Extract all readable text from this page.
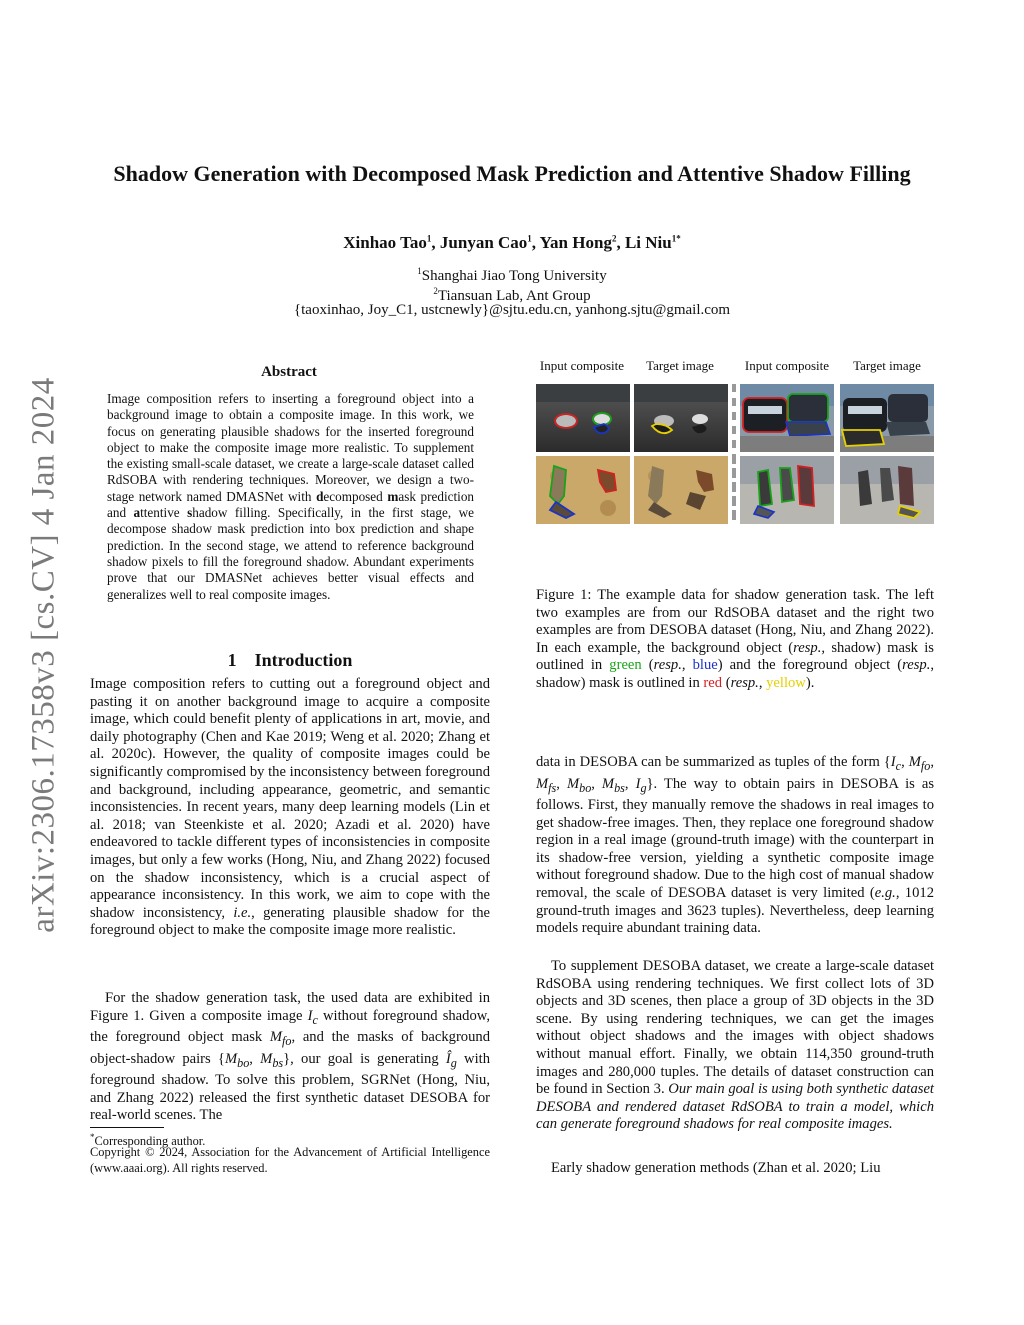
arXiv:2306.17358v3 [cs.CV] 4 Jan 2024
Shadow Generation with Decomposed Mask Prediction and Attentive Shadow Filling
Xinhao Tao$^1$, Junyan Cao$^1$, Yan Hong$^2$, Li Niu$^{1*}$
$^1$Shanghai Jiao Tong University
$^2$Tiansuan Lab, Ant Group
{taoxinhao, Joy_C1, ustcnewly}@sjtu.edu.cn, yanhong.sjtu@gmail.com
Abstract
Image composition refers to inserting a foreground object into a background image to obtain a composite image. In this work, we focus on generating plausible shadows for the inserted foreground object to make the composite image more realistic. To supplement the existing small-scale dataset, we create a large-scale dataset called RdSOBA with rendering techniques. Moreover, we design a two-stage network named DMASNet with decomposed mask prediction and attentive shadow filling. Specifically, in the first stage, we decompose shadow mask prediction into box prediction and shape prediction. In the second stage, we attend to reference background shadow pixels to fill the foreground shadow. Abundant experiments prove that our DMASNet achieves better visual effects and generalizes well to real composite images.
1 Introduction
Image composition refers to cutting out a foreground object and pasting it on another background image to acquire a composite image, which could benefit plenty of applications in art, movie, and daily photography (Chen and Kae 2019; Weng et al. 2020; Zhang et al. 2020c). However, the quality of composite images could be significantly compromised by the inconsistency between foreground and background, including appearance, geometric, and semantic inconsistencies. In recent years, many deep learning models (Lin et al. 2018; van Steenkiste et al. 2020; Azadi et al. 2020) have endeavored to tackle different types of inconsistencies in composite images, but only a few works (Hong, Niu, and Zhang 2022) focused on the shadow inconsistency, which is a crucial aspect of appearance inconsistency. In this work, we aim to cope with the shadow inconsistency, i.e., generating plausible shadow for the foreground object to make the composite image more realistic.
For the shadow generation task, the used data are exhibited in Figure 1. Given a composite image $I_c$ without foreground shadow, the foreground object mask $M_{fo}$, and the masks of background object-shadow pairs {$M_{bo}$, $M_{bs}$}, our goal is generating $Î_g$ with foreground shadow. To solve this problem, SGRNet (Hong, Niu, and Zhang 2022) released the first synthetic dataset DESOBA for real-world scenes. The
*Corresponding author.
Copyright © 2024, Association for the Advancement of Artificial Intelligence (www.aaai.org). All rights reserved.
Input composite	Target image	Input composite	Target image
Figure 1: The example data for shadow generation task. The left two examples are from our RdSOBA dataset and the right two examples are from DESOBA dataset (Hong, Niu, and Zhang 2022). In each example, the background object (resp., shadow) mask is outlined in green (resp., blue) and the foreground object (resp., shadow) mask is outlined in red (resp., yellow).
data in DESOBA can be summarized as tuples of the form {$I_c$, $M_{fo}$, $M_{fs}$, $M_{bo}$, $M_{bs}$, $I_g$}. The way to obtain pairs in DESOBA is as follows. First, they manually remove the shadows in real images to get shadow-free images. Then, they replace one foreground shadow region in a real image (ground-truth image) with the counterpart in its shadow-free version, yielding a synthetic composite image without foreground shadow. Due to the high cost of manual shadow removal, the scale of DESOBA dataset is very limited (e.g., 1012 ground-truth images and 3623 tuples). Nevertheless, deep learning models require abundant training data.
To supplement DESOBA dataset, we create a large-scale dataset RdSOBA using rendering techniques. We first collect lots of 3D objects and 3D scenes, then place a group of 3D objects in the 3D scene. By using rendering techniques, we can get the images without object shadows and the images with object shadows without manual effort. Finally, we obtain 114,350 ground-truth images and 280,000 tuples. The details of dataset construction can be found in Section 3. Our main goal is using both synthetic dataset DESOBA and rendered dataset RdSOBA to train a model, which can generate foreground shadows for real composite images.
Early shadow generation methods (Zhan et al. 2020; Liu
